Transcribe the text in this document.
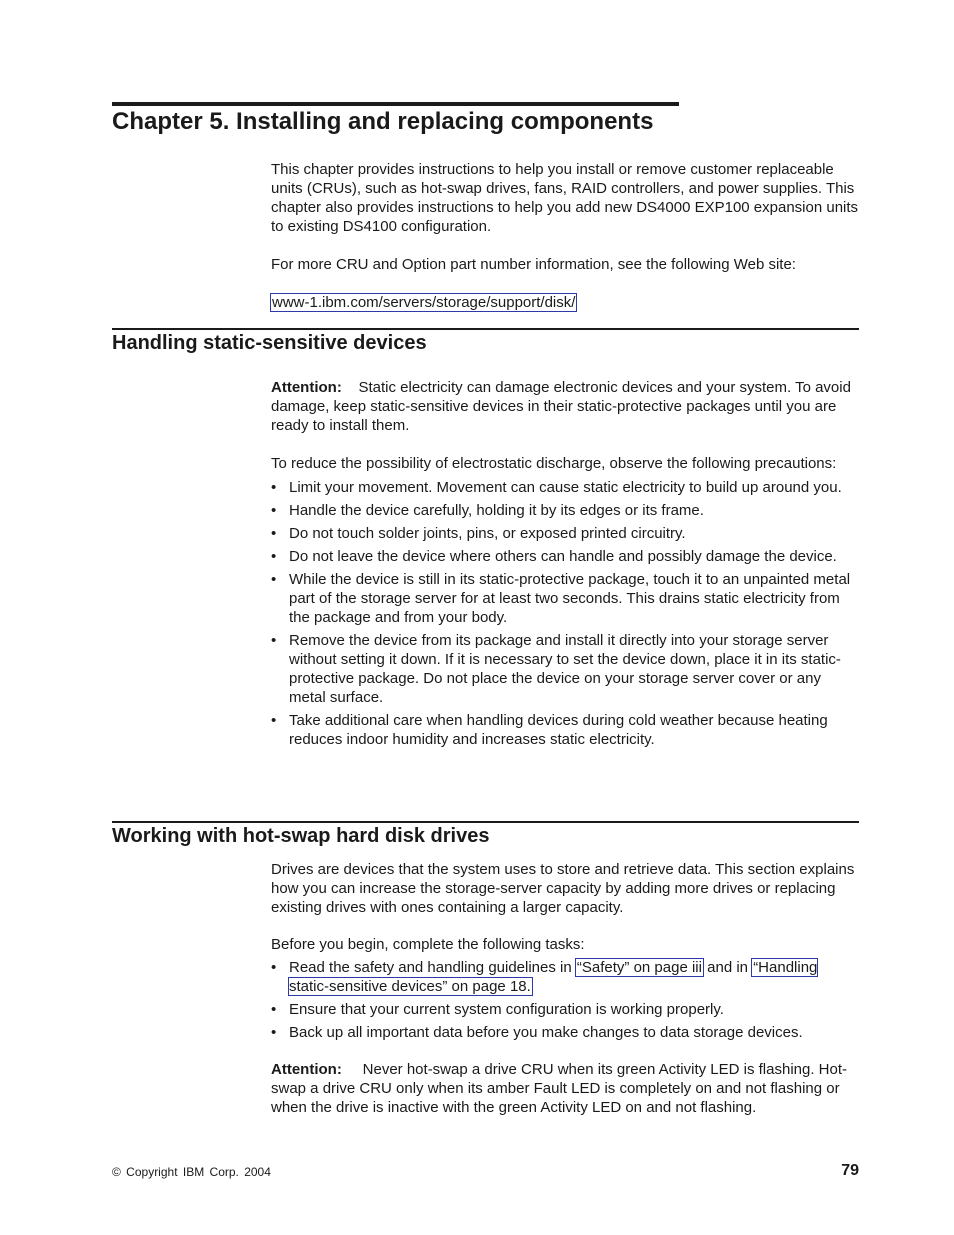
Chapter 5. Installing and replacing components

This chapter provides instructions to help you install or remove customer replaceable units (CRUs), such as hot-swap drives, fans, RAID controllers, and power supplies. This chapter also provides instructions to help you add new DS4000 EXP100 expansion units to existing DS4100 configuration.

For more CRU and Option part number information, see the following Web site:

www-1.ibm.com/servers/storage/support/disk/

Handling static-sensitive devices

Attention: Static electricity can damage electronic devices and your system. To avoid damage, keep static-sensitive devices in their static-protective packages until you are ready to install them.

To reduce the possibility of electrostatic discharge, observe the following precautions:

• Limit your movement. Movement can cause static electricity to build up around you.
• Handle the device carefully, holding it by its edges or its frame.
• Do not touch solder joints, pins, or exposed printed circuitry.
• Do not leave the device where others can handle and possibly damage the device.
• While the device is still in its static-protective package, touch it to an unpainted metal part of the storage server for at least two seconds. This drains static electricity from the package and from your body.
• Remove the device from its package and install it directly into your storage server without setting it down. If it is necessary to set the device down, place it in its static-protective package. Do not place the device on your storage server cover or any metal surface.
• Take additional care when handling devices during cold weather because heating reduces indoor humidity and increases static electricity.
Working with hot-swap hard disk drives

Drives are devices that the system uses to store and retrieve data. This section explains how you can increase the storage-server capacity by adding more drives or replacing existing drives with ones containing a larger capacity.

Before you begin, complete the following tasks:

• Read the safety and handling guidelines in “Safety” on page iii and in “Handling static-sensitive devices” on page 18.
• Ensure that your current system configuration is working properly.
• Back up all important data before you make changes to data storage devices.

Attention: Never hot-swap a drive CRU when its green Activity LED is flashing. Hot-swap a drive CRU only when its amber Fault LED is completely on and not flashing or when the drive is inactive with the green Activity LED on and not flashing.

© Copyright IBM Corp. 2004	79
